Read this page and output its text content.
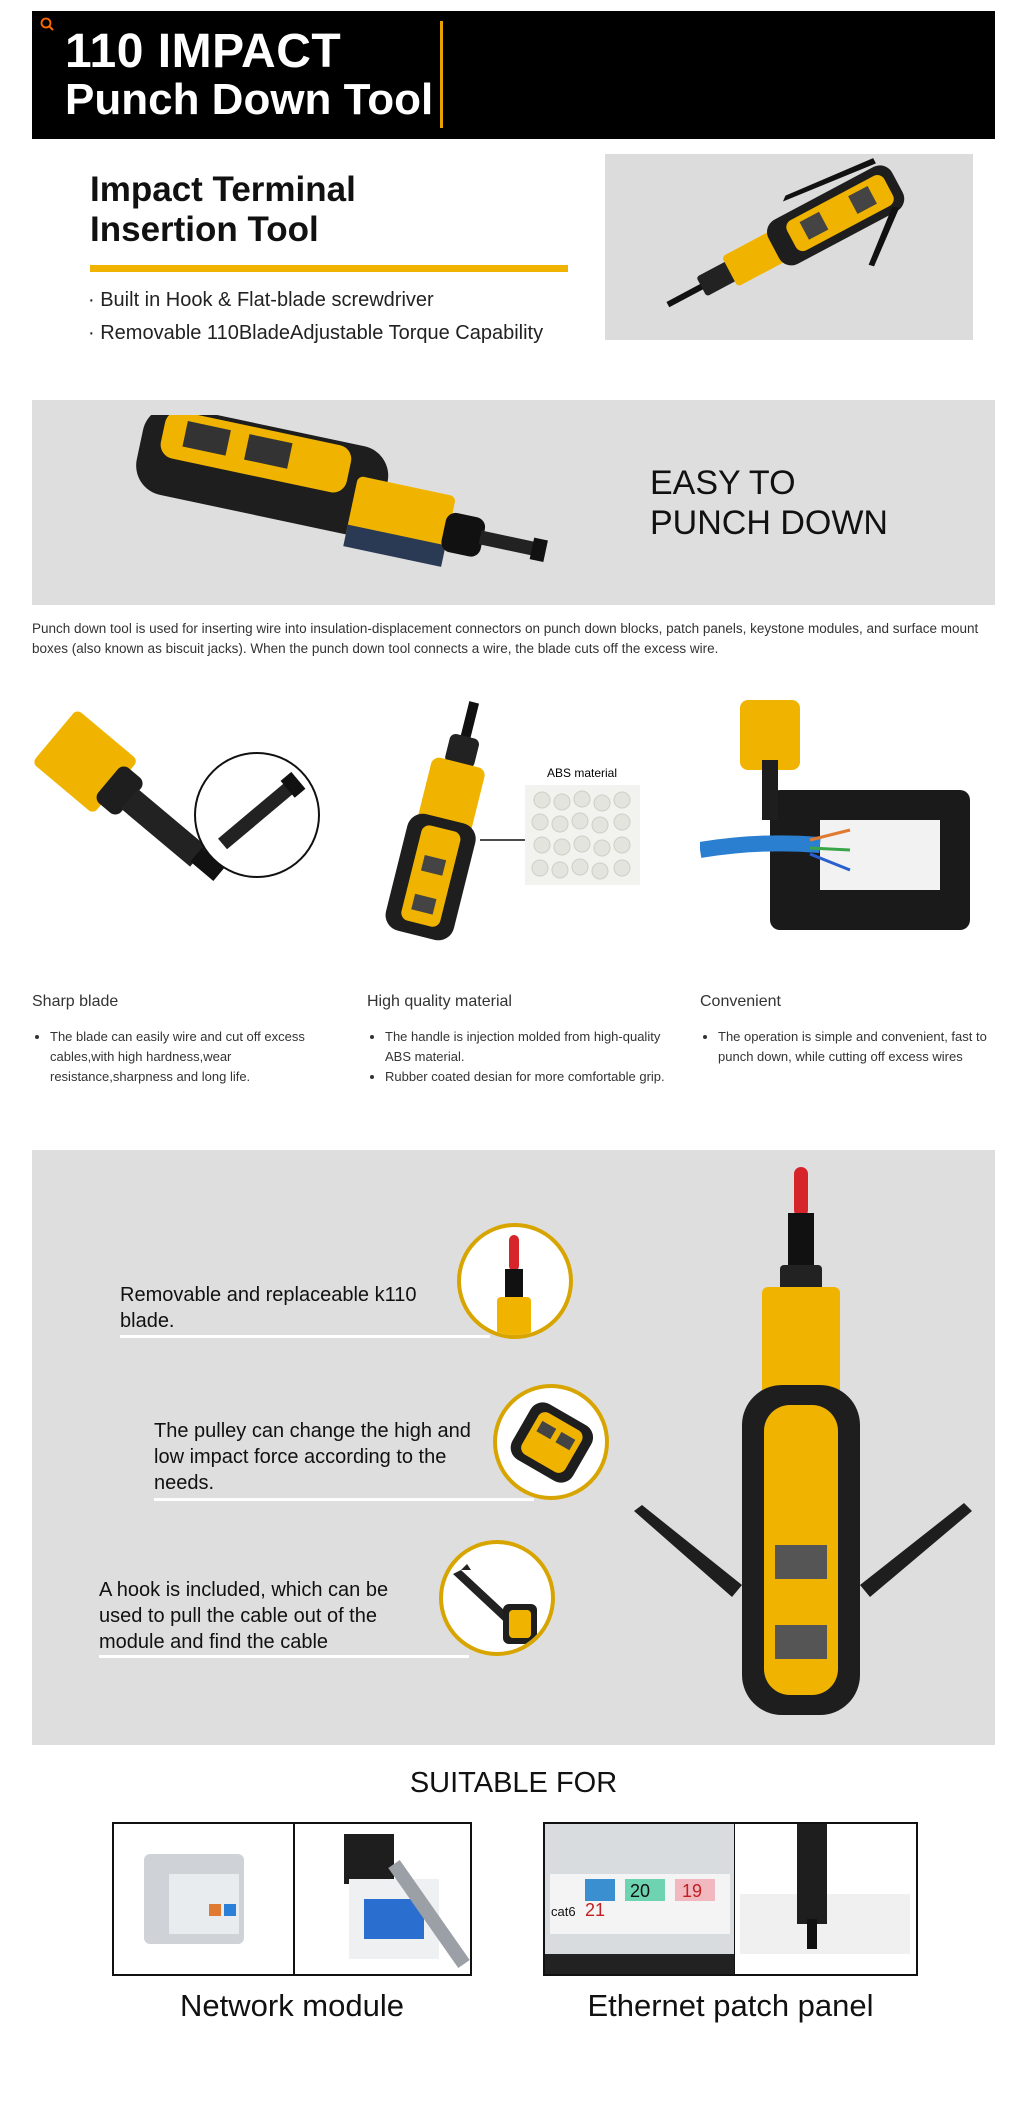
110 IMPACT
Punch Down Tool
Impact Terminal
Insertion Tool
· Built in Hook & Flat-blade screwdriver
· Removable 110BladeAdjustable Torque Capability
EASY TO
PUNCH DOWN
Punch down tool is used for inserting wire into insulation-displacement connectors on punch down blocks, patch panels, keystone modules, and surface mount boxes (also known as biscuit jacks). When the punch down tool connects a wire, the blade cuts off the excess wire.
ABS material
Sharp blade
• The blade can easily wire and cut off excess cables,with high hardness,wear resistance,sharpness and long life.
High quality material
• The handle is injection molded from high-quality ABS material.
• Rubber coated desian for more comfortable grip.
Convenient
• The operation is simple and convenient, fast to punch down, while cutting off excess wires
Removable and replaceable k110 blade.
The pulley can change the high and low impact force according to the needs.
A hook is included, which can be used to pull the cable out of the module and find the cable
SUITABLE FOR
Network module
cat6 21
20 19
Ethernet patch panel
